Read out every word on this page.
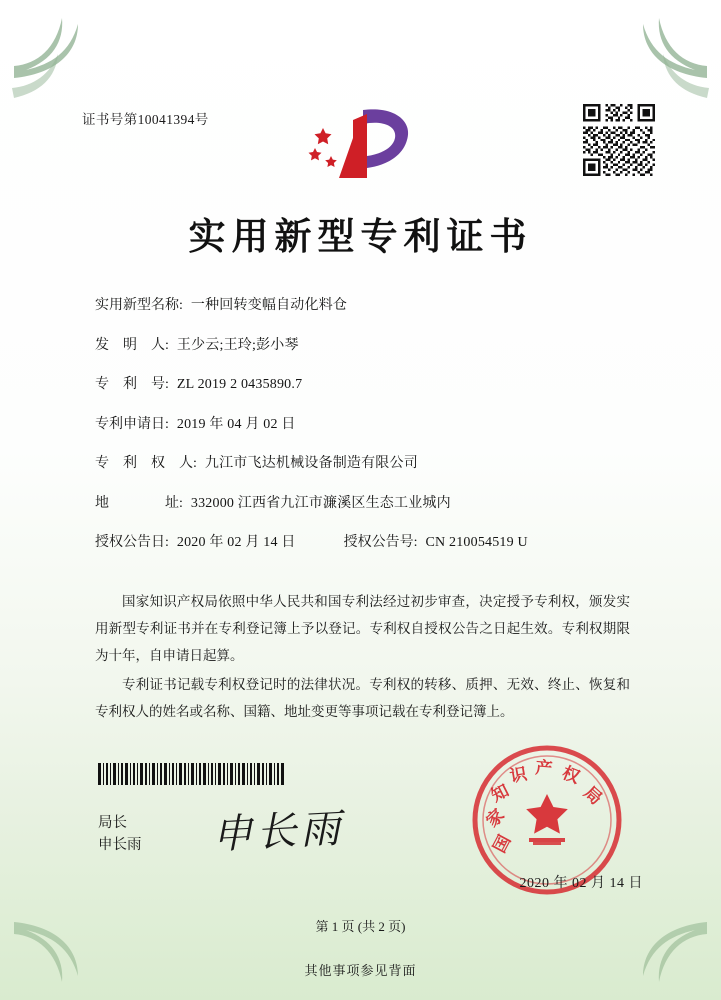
证书号第10041394号
实用新型专利证书
实用新型名称: 一种回转变幅自动化料仓
发　明　人: 王少云;王玲;彭小琴
专　利　号: ZL 2019 2 0435890.7
专利申请日: 2019 年 04 月 02 日
专　利　权　人: 九江市飞达机械设备制造有限公司
地　　　　址: 332000 江西省九江市濂溪区生态工业城内
授权公告日: 2020 年 02 月 14 日	授权公告号: CN 210054519 U

国家知识产权局依照中华人民共和国专利法经过初步审查，决定授予专利权，颁发实用新型专利证书并在专利登记簿上予以登记。专利权自授权公告之日起生效。专利权期限为十年，自申请日起算。

专利证书记载专利权登记时的法律状况。专利权的转移、质押、无效、终止、恢复和专利权人的姓名或名称、国籍、地址变更等事项记载在专利登记簿上。

局长
申长雨 申长雨	国
家
知
识 产 权
局
2020 年 02 月 14 日
第 1 页 (共 2 页)
其他事项参见背面
